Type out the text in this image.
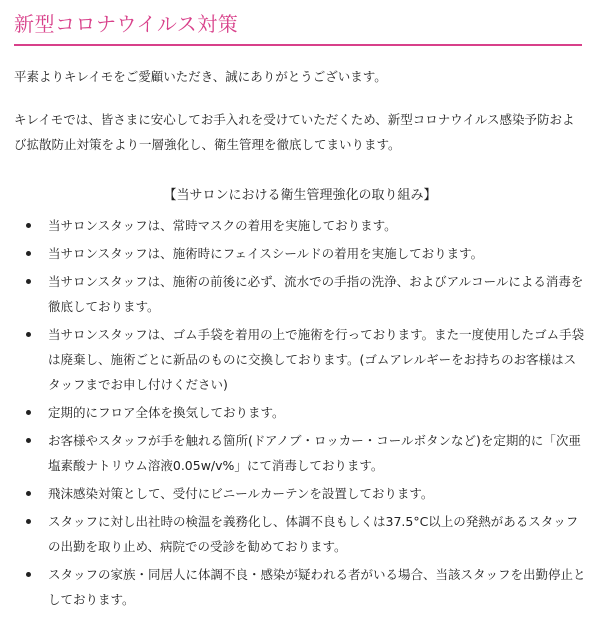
新型コロナウイルス対策

平素よりキレイモをご愛顧いただき、誠にありがとうございます。

キレイモでは、皆さまに安心してお手入れを受けていただくため、新型コロナウイルス感染予防および拡散防止対策をより一層強化し、衛生管理を徹底してまいります。

【当サロンにおける衛生管理強化の取り組み】

当サロンスタッフは、常時マスクの着用を実施しております。
当サロンスタッフは、施術時にフェイスシールドの着用を実施しております。
当サロンスタッフは、施術の前後に必ず、流水での手指の洗浄、およびアルコールによる消毒を徹底しております。
当サロンスタッフは、ゴム手袋を着用の上で施術を行っております。また一度使用したゴム手袋は廃棄し、施術ごとに新品のものに交換しております。(ゴムアレルギーをお持ちのお客様はスタッフまでお申し付けください)
定期的にフロア全体を換気しております。
お客様やスタッフが手を触れる箇所(ドアノブ・ロッカー・コールボタンなど)を定期的に「次亜塩素酸ナトリウム溶液0.05w/v%」にて消毒しております。
飛沫感染対策として、受付にビニールカーテンを設置しております。
スタッフに対し出社時の検温を義務化し、体調不良もしくは37.5°C以上の発熱があるスタッフの出勤を取り止め、病院での受診を勧めております。
スタッフの家族・同居人に体調不良・感染が疑われる者がいる場合、当該スタッフを出勤停止としております。
